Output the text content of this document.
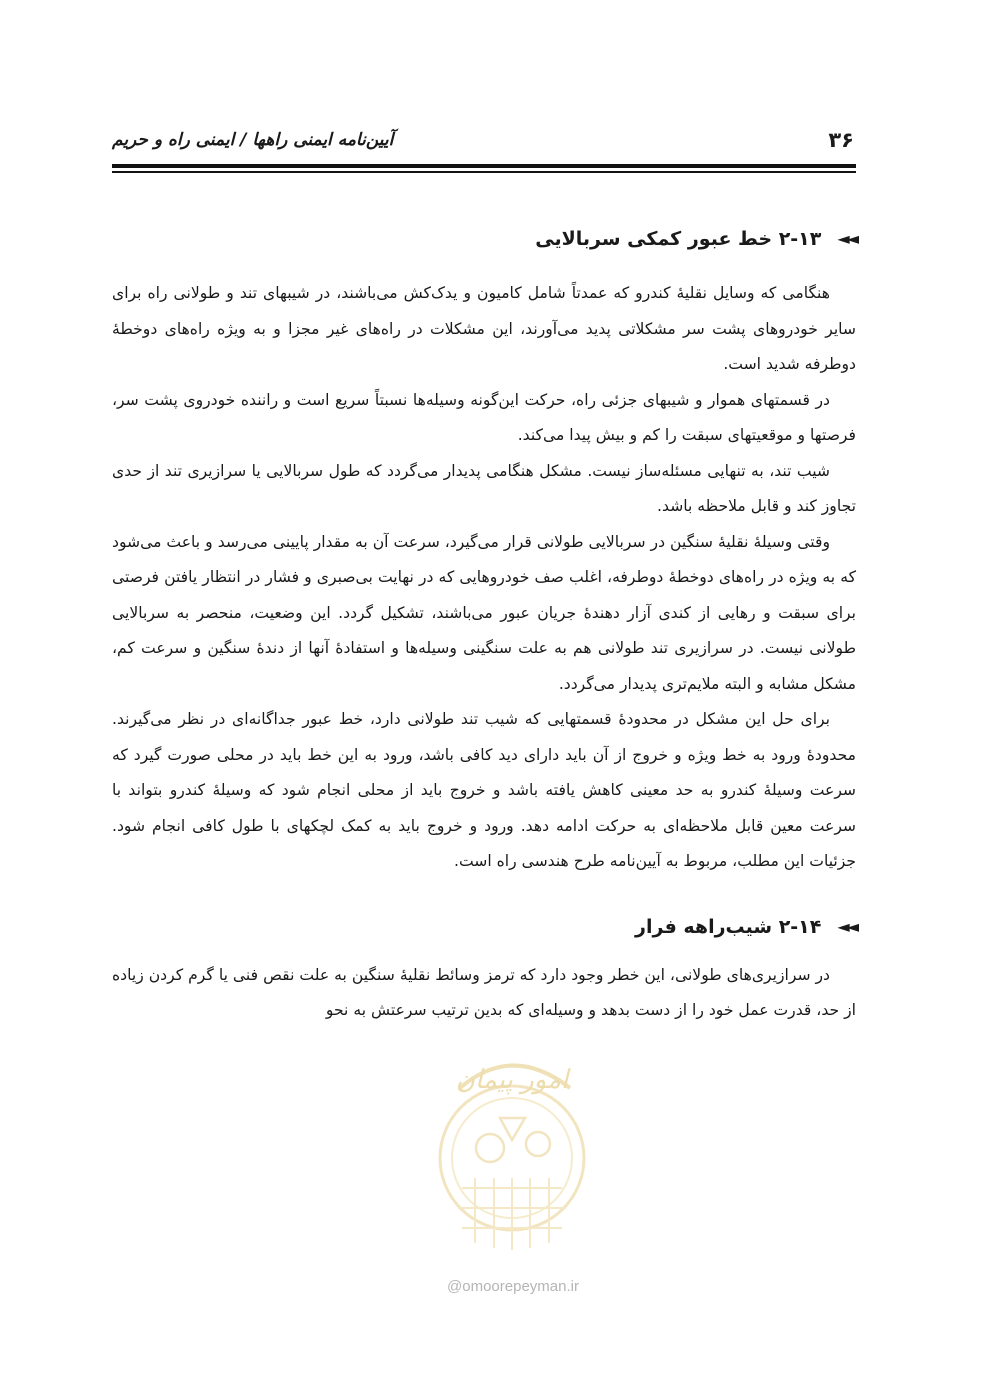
۳۶
آیین‌نامه ایمنی راهها / ایمنی راه و حریم
◄◄
۲-۱۳ خط عبور کمکی سربالایی

هنگامی که وسایل نقلیهٔ کندرو که عمدتاً شامل کامیون و یدک‌کش می‌باشند، در شیبهای تند و طولانی راه برای سایر خودروهای پشت سر مشکلاتی پدید می‌آورند، این مشکلات در راه‌های غیر مجزا و به ویژه راه‌های دوخطهٔ دوطرفه شدید است.

در قسمتهای هموار و شیبهای جزئی راه، حرکت این‌گونه وسیله‌ها نسبتاً سریع است و راننده خودروی پشت سر، فرصتها و موقعیتهای سبقت را کم و بیش پیدا می‌کند.

شیب تند، به تنهایی مسئله‌ساز نیست. مشکل هنگامی پدیدار می‌گردد که طول سربالایی یا سرازیری تند از حدی تجاوز کند و قابل ملاحظه باشد.

وقتی وسیلهٔ نقلیهٔ سنگین در سربالایی طولانی قرار می‌گیرد، سرعت آن به مقدار پایینی می‌رسد و باعث می‌شود که به ویژه در راه‌های دوخطهٔ دوطرفه، اغلب صف خودروهایی که در نهایت بی‌صبری و فشار در انتظار یافتن فرصتی برای سبقت و رهایی از کندی آزار دهندهٔ جریان عبور می‌باشند، تشکیل گردد. این وضعیت، منحصر به سربالایی طولانی نیست. در سرازیری تند طولانی هم به علت سنگینی وسیله‌ها و استفادهٔ آنها از دندهٔ سنگین و سرعت کم، مشکل مشابه و البته ملایم‌تری پدیدار می‌گردد.

برای حل این مشکل در محدودهٔ قسمتهایی که شیب تند طولانی دارد، خط عبور جداگانه‌ای در نظر می‌گیرند. محدودهٔ ورود به خط ویژه و خروج از آن باید دارای دید کافی باشد، ورود به این خط باید در محلی صورت گیرد که سرعت وسیلهٔ کندرو به حد معینی کاهش یافته باشد و خروج باید از محلی انجام شود که وسیلهٔ کندرو بتواند با سرعت معین قابل ملاحظه‌ای به حرکت ادامه دهد. ورود و خروج باید به کمک لچکهای با طول کافی انجام شود. جزئیات این مطلب، مربوط به آیین‌نامه طرح هندسی راه است.

◄◄
۲-۱۴ شیب‌راهه فرار

در سرازیری‌های طولانی، این خطر وجود دارد که ترمز وسائط نقلیهٔ سنگین به علت نقص فنی یا گرم کردن زیاده از حد، قدرت عمل خود را از دست بدهد و وسیله‌ای که بدین ترتیب سرعتش به نحو

امور پیمان
@omoorepeyman.ir
